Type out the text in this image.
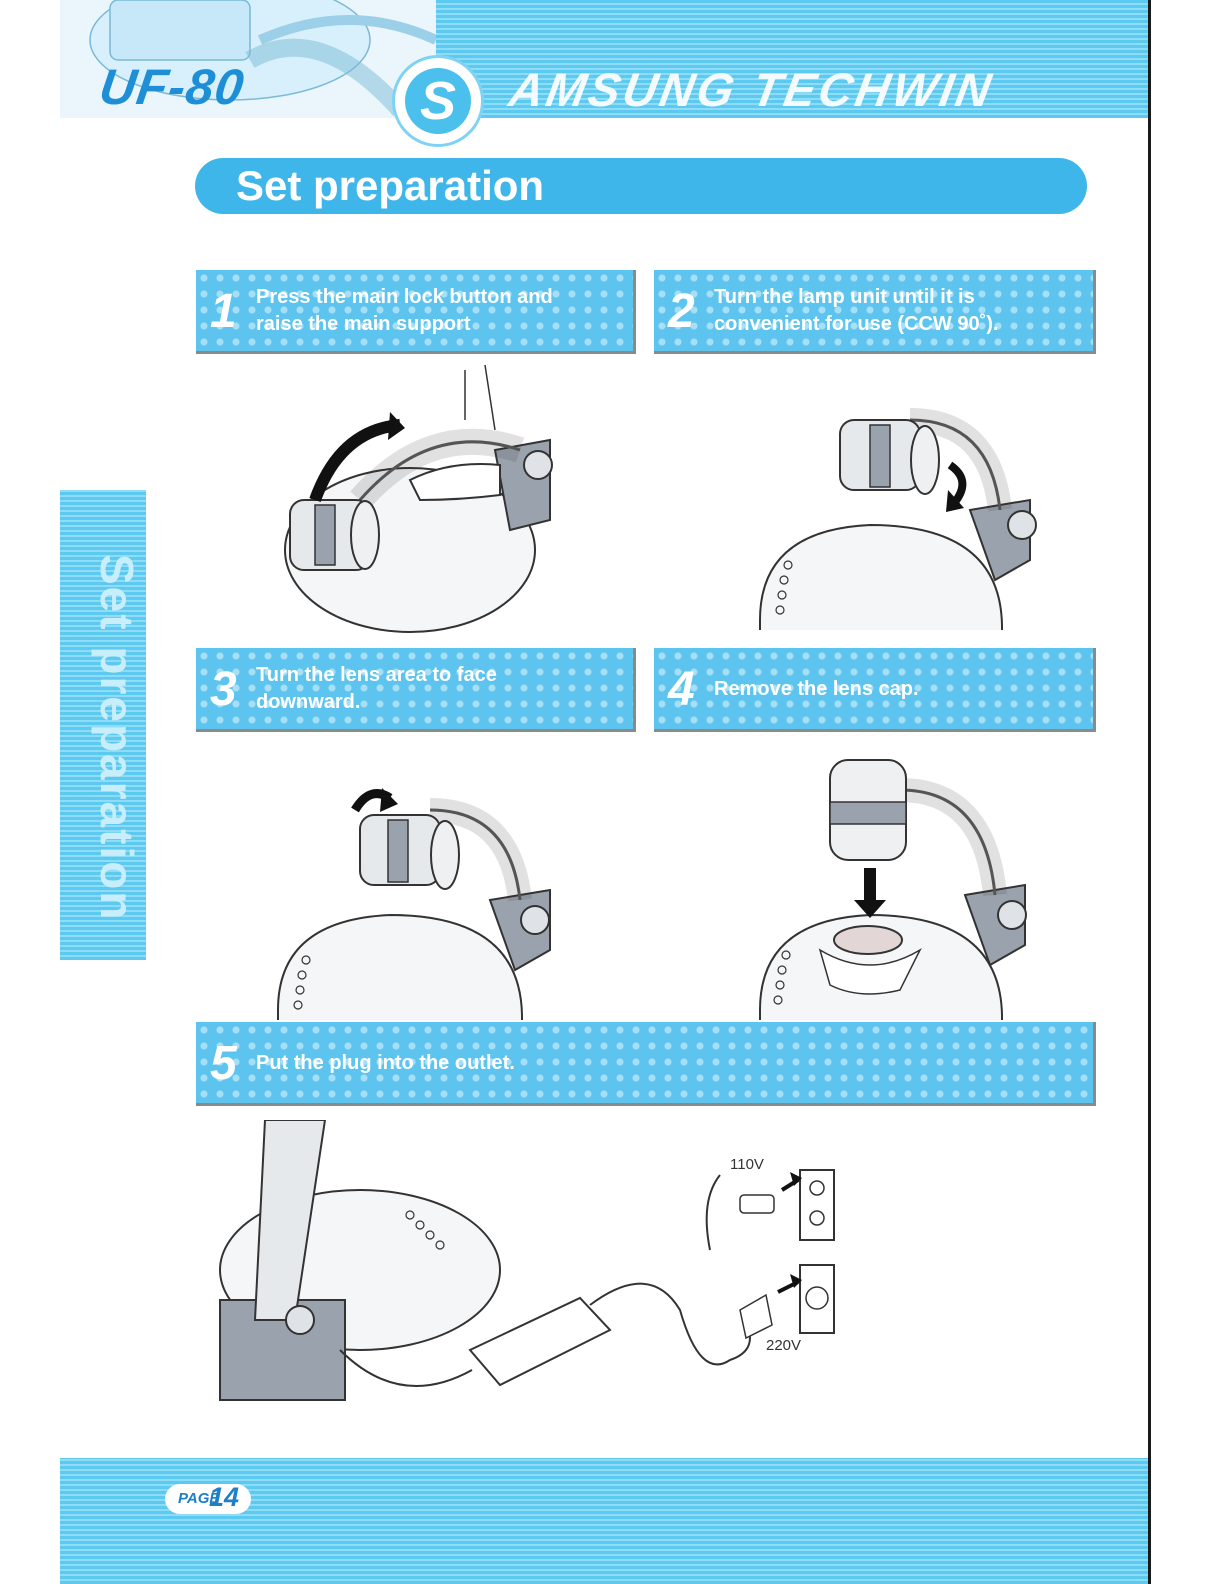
UF-80	S	AMSUNG TECHWIN
Set preparation
Set preparation
1 Press the main lock button and
raise the main support	2 Turn the lamp unit until it is
convenient for use (CCW 90˚).
3 Turn the lens area to face
downward.	4 Remove the lens cap.
5 Put the plug into the outlet.
110V
220V
PAGE
14
